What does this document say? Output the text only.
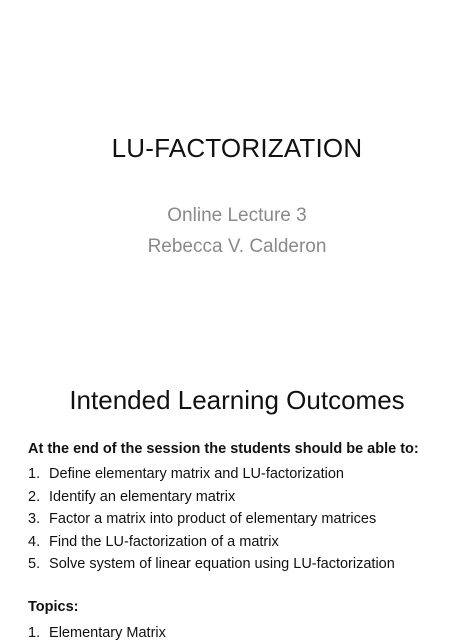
LU-FACTORIZATION
Online Lecture 3
Rebecca V. Calderon
Intended Learning Outcomes
At the end of the session the students should be able to:
1. Define elementary matrix and LU-factorization
2. Identify an elementary matrix
3. Factor a matrix into product of elementary matrices
4. Find the LU-factorization of a matrix
5. Solve system of linear equation using LU-factorization
Topics:
1. Elementary Matrix
